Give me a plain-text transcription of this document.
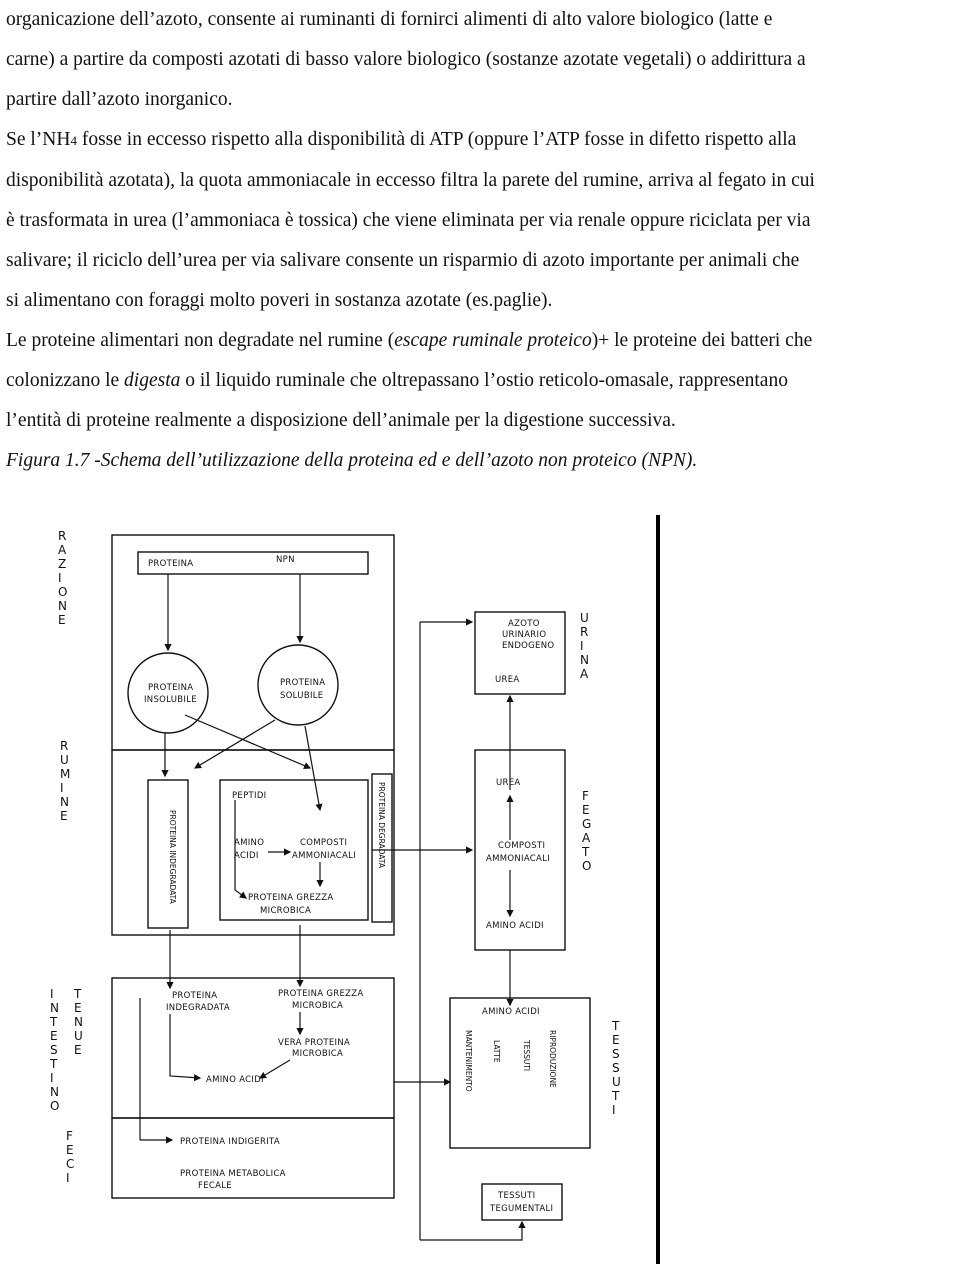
organicazione dell’azoto, consente ai ruminanti di fornirci alimenti di alto valore biologico (latte e
carne) a partire da composti azotati di basso valore biologico (sostanze azotate vegetali) o addirittura a
partire dall’azoto inorganico.

Se l’NH4 fosse in eccesso rispetto alla disponibilità di ATP (oppure l’ATP fosse in difetto rispetto alla
disponibilità azotata), la quota ammoniacale in eccesso filtra la parete del rumine, arriva al fegato in cui
è trasformata in urea (l’ammoniaca è tossica) che viene eliminata per via renale oppure riciclata per via
salivare; il riciclo dell’urea per via salivare consente un risparmio di azoto importante per animali che
si alimentano con foraggi molto poveri in sostanza azotate (es.paglie).

Le proteine alimentari non degradate nel rumine (escape ruminale proteico)+ le proteine dei batteri che
colonizzano le digesta o il liquido ruminale che oltrepassano l’ostio reticolo-omasale, rappresentano
l’entità di proteine realmente a disposizione dell’animale per la digestione successiva.

Figura 1.7 -Schema dell’utilizzazione della proteina ed e dell’azoto non proteico (NPN).

PROTEINA	NPN
PROTEINA
INSOLUBILE
PROTEINA
SOLUBILE
PROTEINA INDEGRADATA
PEPTIDI
AMINO
ACIDI
COMPOSTI
AMMONIACALI
PROTEINA GREZZA
MICROBICA
PROTEINA DEGRADATA
AZOTO
URINARIO
ENDOGENO
UREA
UREA
COMPOSTI
AMMONIACALI
AMINO ACIDI
PROTEINA
INDEGRADATA
PROTEINA GREZZA
MICROBICA
VERA PROTEINA
MICROBICA
AMINO ACIDI
AMINO ACIDI
MANTENIMENTO	LATTE	TESSUTI RIPRODUZIONE
PROTEINA INDIGERITA
PROTEINA METABOLICA
FECALE
TESSUTI
TEGUMENTALI
R A Z I O N E
R U M I N E
I N T E S T I N O
T E N U E
F E C I
U R I N A
F E G A T O
T E S S U T I
